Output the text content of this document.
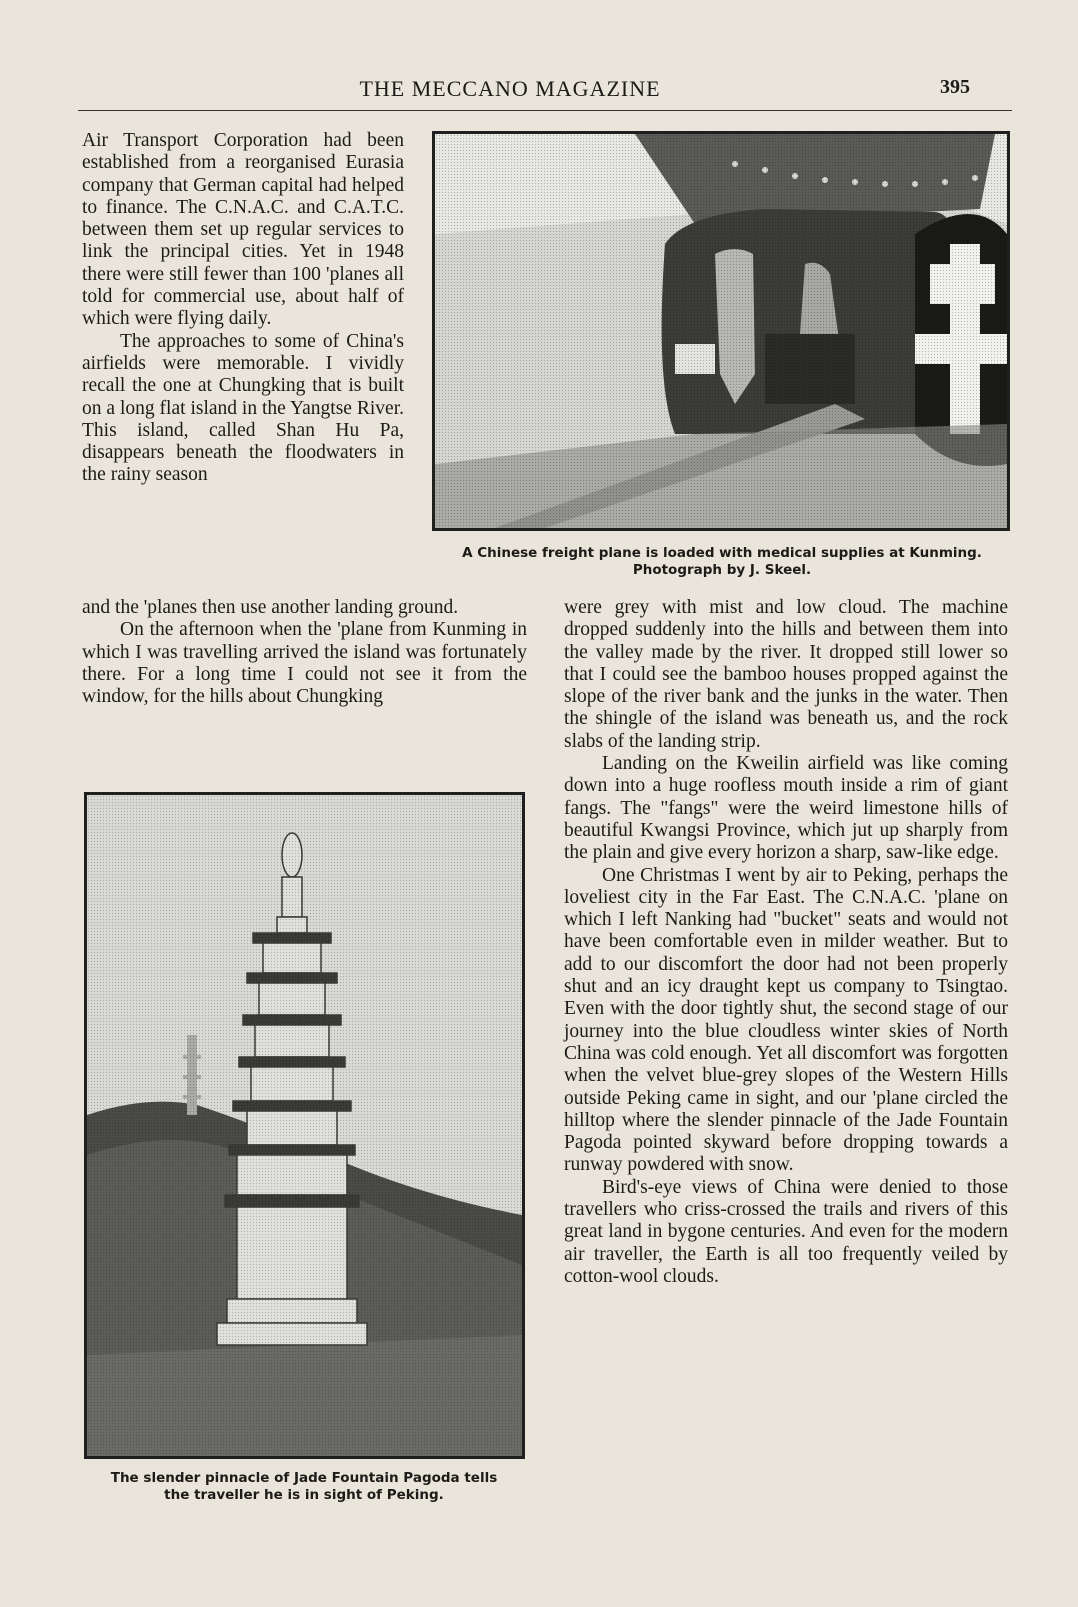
THE MECCANO MAGAZINE	395

Air Transport Corporation had been established from a reorganised Eurasia company that German capital had helped to finance. The C.N.A.C. and C.A.T.C. between them set up regular services to link the principal cities. Yet in 1948 there were still fewer than 100 'planes all told for commercial use, about half of which were flying daily.

The approaches to some of China's airfields were memorable. I vividly recall the one at Chungking that is built on a long flat island in the Yangtse River. This island, called Shan Hu Pa, disappears beneath the floodwaters in the rainy season

A Chinese freight plane is loaded with medical supplies at Kunming.

Photograph by J. Skeel.

and the 'planes then use another landing ground.

On the afternoon when the 'plane from Kunming in which I was travelling arrived the island was fortunately there. For a long time I could not see it from the window, for the hills about Chungking

The slender pinnacle of Jade Fountain Pagoda tells

the traveller he is in sight of Peking.

were grey with mist and low cloud. The machine dropped suddenly into the hills and between them into the valley made by the river. It dropped still lower so that I could see the bamboo houses propped against the slope of the river bank and the junks in the water. Then the shingle of the island was beneath us, and the rock slabs of the landing strip.

Landing on the Kweilin airfield was like coming down into a huge roofless mouth inside a rim of giant fangs. The "fangs" were the weird limestone hills of beautiful Kwangsi Province, which jut up sharply from the plain and give every horizon a sharp, saw-like edge.

One Christmas I went by air to Peking, perhaps the loveliest city in the Far East. The C.N.A.C. 'plane on which I left Nanking had "bucket" seats and would not have been comfortable even in milder weather. But to add to our discomfort the door had not been properly shut and an icy draught kept us company to Tsingtao. Even with the door tightly shut, the second stage of our journey into the blue cloudless winter skies of North China was cold enough. Yet all discomfort was forgotten when the velvet blue-grey slopes of the Western Hills outside Peking came in sight, and our 'plane circled the hilltop where the slender pinnacle of the Jade Fountain Pagoda pointed skyward before dropping towards a runway powdered with snow.

Bird's-eye views of China were denied to those travellers who criss-crossed the trails and rivers of this great land in bygone centuries. And even for the modern air traveller, the Earth is all too frequently veiled by cotton-wool clouds.
